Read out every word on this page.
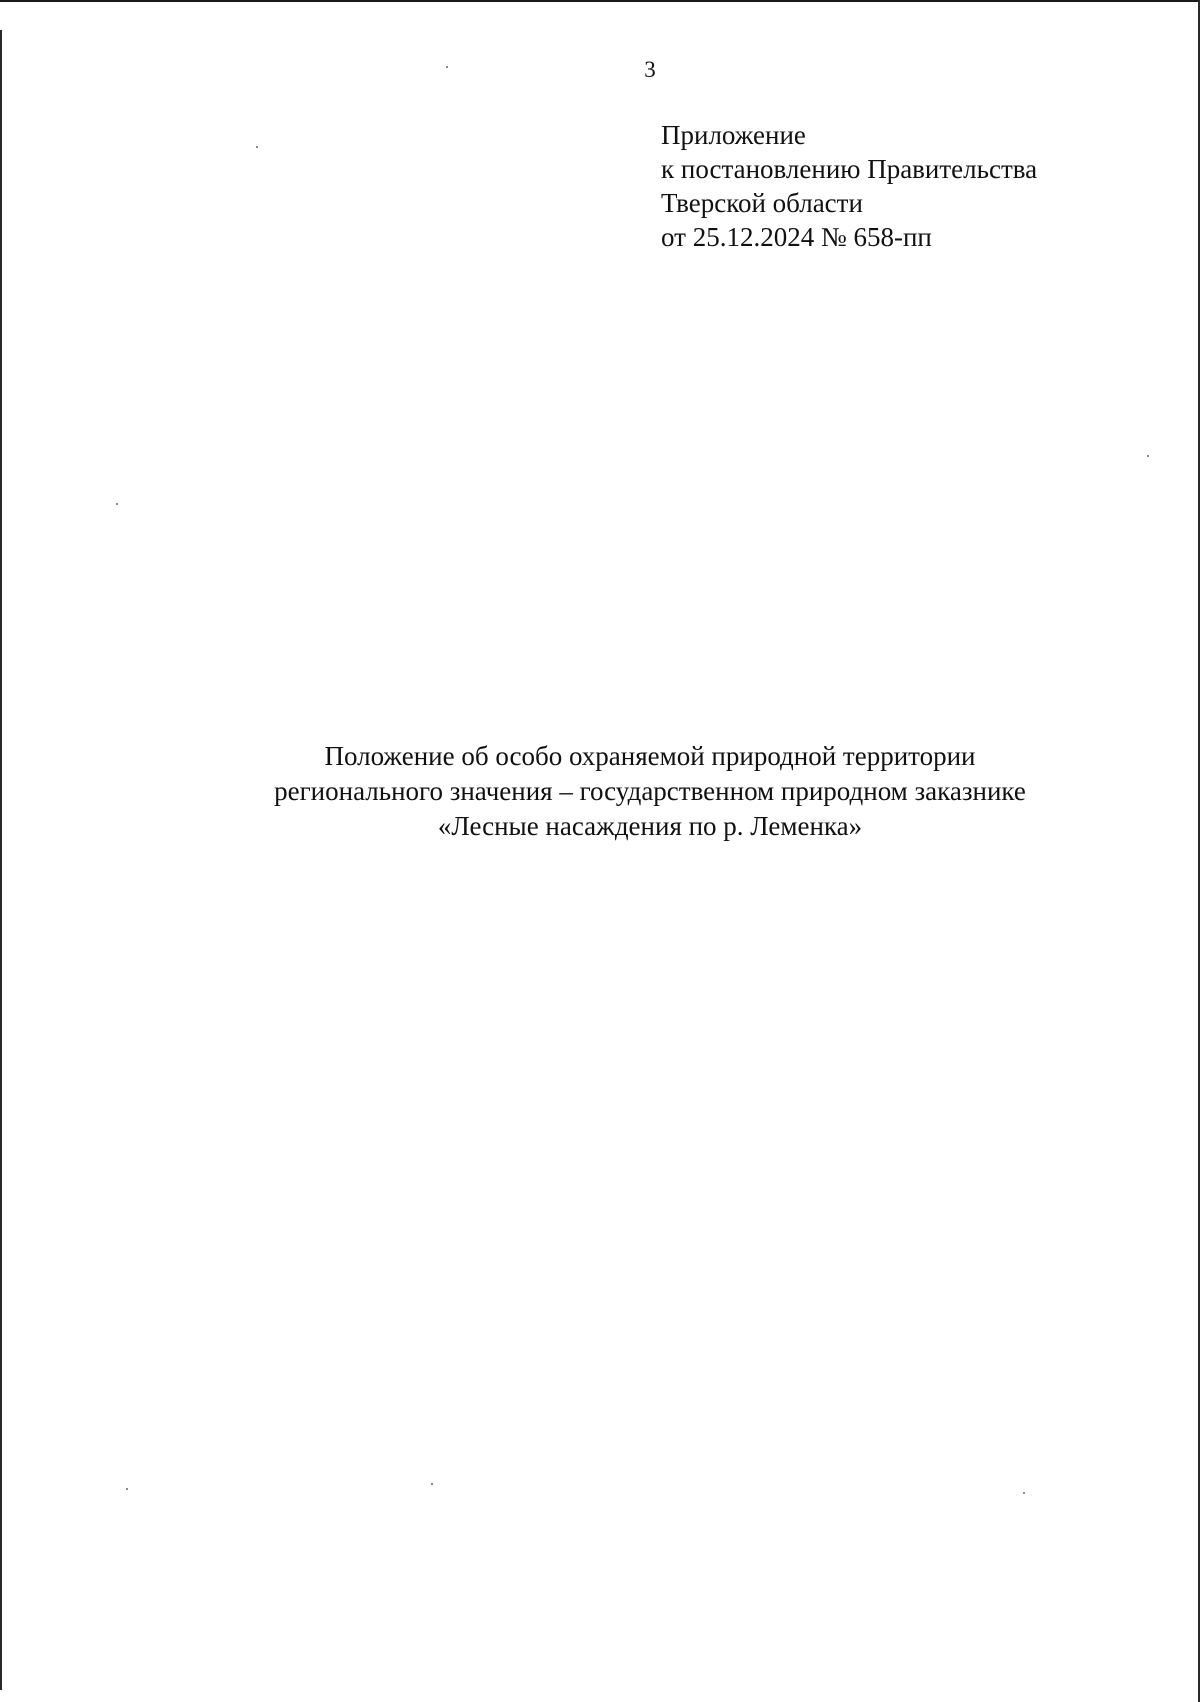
3
Приложение
к постановлению Правительства
Тверской области
от 25.12.2024 № 658-пп
Положение об особо охраняемой природной территории
регионального значения – государственном природном заказнике
«Лесные насаждения по р. Леменка»
